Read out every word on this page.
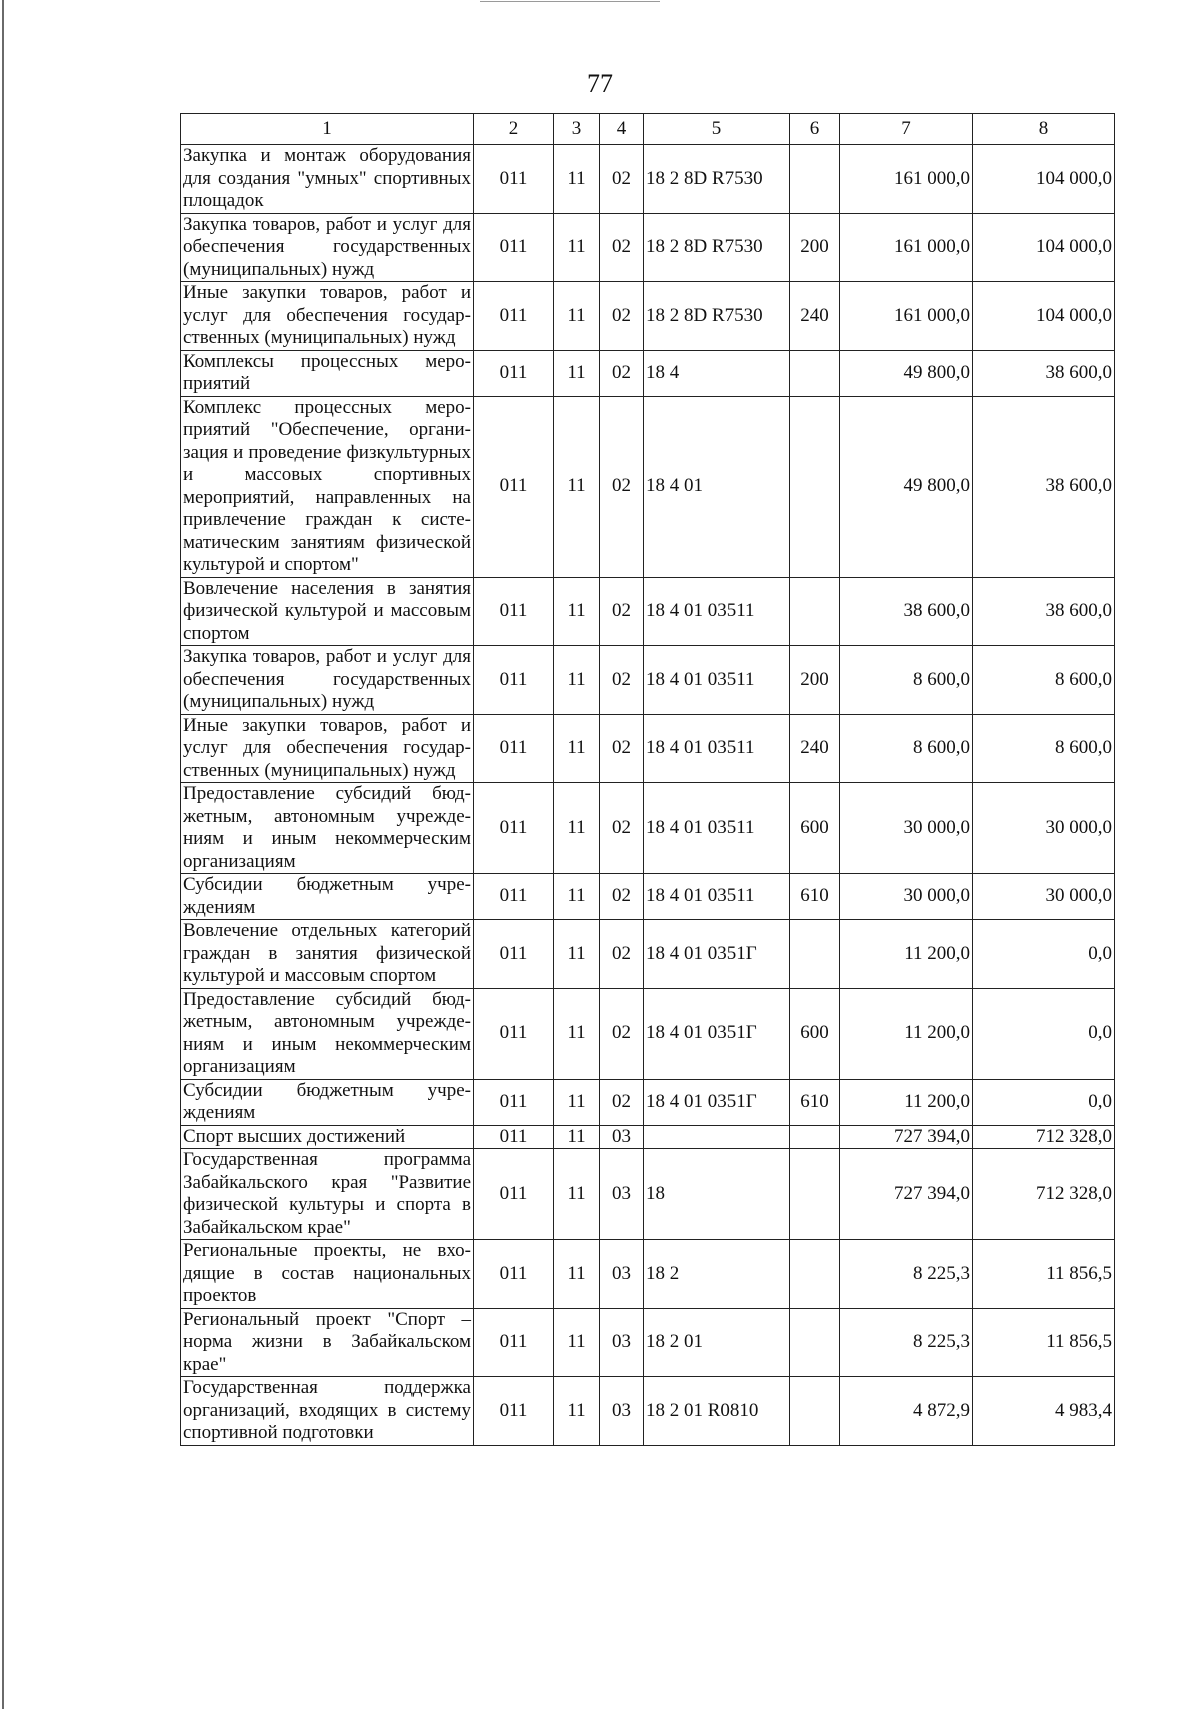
77
1	2	3	4	5	6	7	8
Закупка и монтаж оборудования для создания "умных" спортивных площадок	011	11	02	18 2 8D R7530		161 000,0	104 000,0
Закупка товаров, работ и услуг для обеспечения государственных (муниципальных) нужд	011	11	02	18 2 8D R7530	200	161 000,0	104 000,0
Иные закупки товаров, работ и услуг для обеспечения государственных (муниципальных) нужд	011	11	02	18 2 8D R7530	240	161 000,0	104 000,0
Комплексы процессных мероприятий	011	11	02	18 4		49 800,0	38 600,0
Комплекс процессных мероприятий "Обеспечение, организация и проведение физкультурных и массовых спортивных мероприятий, направленных на привлечение граждан к систематическим занятиям физической культурой и спортом"	011	11	02	18 4 01		49 800,0	38 600,0
Вовлечение населения в занятия физической культурой и массовым спортом	011	11	02	18 4 01 03511		38 600,0	38 600,0
Закупка товаров, работ и услуг для обеспечения государственных (муниципальных) нужд	011	11	02	18 4 01 03511	200	8 600,0	8 600,0
Иные закупки товаров, работ и услуг для обеспечения государственных (муниципальных) нужд	011	11	02	18 4 01 03511	240	8 600,0	8 600,0
Предоставление субсидий бюджетным, автономным учреждениям и иным некоммерческим организациям	011	11	02	18 4 01 03511	600	30 000,0	30 000,0
Субсидии бюджетным учреждениям	011	11	02	18 4 01 03511	610	30 000,0	30 000,0
Вовлечение отдельных категорий граждан в занятия физической культурой и массовым спортом	011	11	02	18 4 01 0351Г		11 200,0	0,0
Предоставление субсидий бюджетным, автономным учреждениям и иным некоммерческим организациям	011	11	02	18 4 01 0351Г	600	11 200,0	0,0
Субсидии бюджетным учреждениям	011	11	02	18 4 01 0351Г	610	11 200,0	0,0
Спорт высших достижений	011	11	03			727 394,0	712 328,0
Государственная программа Забайкальского края "Развитие физической культуры и спорта в Забайкальском крае"	011	11	03	18		727 394,0	712 328,0
Региональные проекты, не входящие в состав национальных проектов	011	11	03	18 2		8 225,3	11 856,5
Региональный проект "Спорт – норма жизни в Забайкальском крае"	011	11	03	18 2 01		8 225,3	11 856,5
Государственная поддержка организаций, входящих в систему спортивной подготовки	011	11	03	18 2 01 R0810		4 872,9	4 983,4
